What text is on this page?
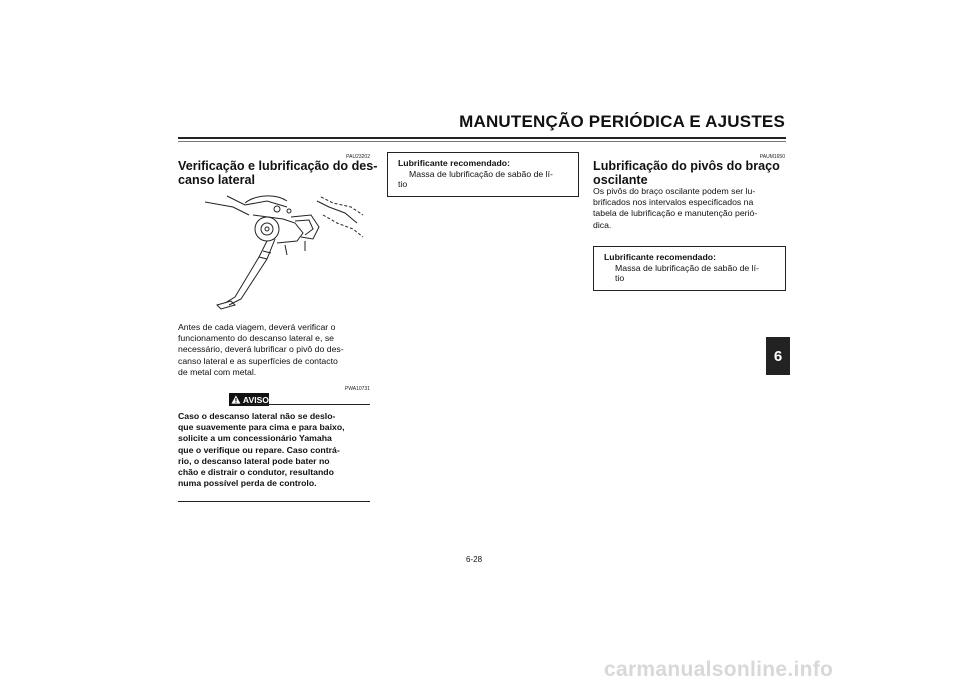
MANUTENÇÃO PERIÓDICA E AJUSTES
6
PAU23202
Verificação e lubrificação do des-
canso lateral
Antes de cada viagem, deverá verificar o
funcionamento do descanso lateral e, se
necessário, deverá lubrificar o pivô do des-
canso lateral e as superfícies de contacto
de metal com metal.
PWA10731
AVISO
Caso o descanso lateral não se deslo-
que suavemente para cima e para baixo,
solicite a um concessionário Yamaha
que o verifique ou repare. Caso contrá-
rio, o descanso lateral pode bater no
chão e distrair o condutor, resultando
numa possível perda de controlo.
Lubrificante recomendado:
Massa de lubrificação de sabão de lí-
tio
PAUM1650
Lubrificação do pivôs do braço
oscilante
Os pivôs do braço oscilante podem ser lu-
brificados nos intervalos especificados na
tabela de lubrificação e manutenção perió-
dica.
Lubrificante recomendado:
Massa de lubrificação de sabão de lí-
tio
6-28
carmanualsonline.info
